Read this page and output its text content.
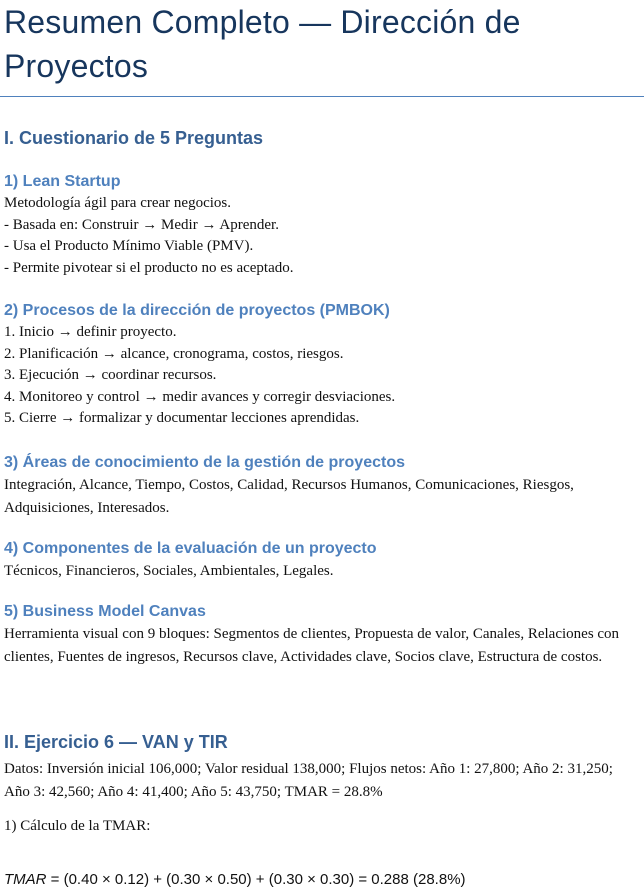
Resumen Completo — Dirección de Proyectos
I. Cuestionario de 5 Preguntas
1) Lean Startup

Metodología ágil para crear negocios.

- Basada en: Construir → Medir → Aprender.

- Usa el Producto Mínimo Viable (PMV).

- Permite pivotear si el producto no es aceptado.

2) Procesos de la dirección de proyectos (PMBOK)

1. Inicio → definir proyecto.

2. Planificación → alcance, cronograma, costos, riesgos.

3. Ejecución → coordinar recursos.

4. Monitoreo y control → medir avances y corregir desviaciones.

5. Cierre → formalizar y documentar lecciones aprendidas.

3) Áreas de conocimiento de la gestión de proyectos

Integración, Alcance, Tiempo, Costos, Calidad, Recursos Humanos, Comunicaciones, Riesgos, Adquisiciones, Interesados.

4) Componentes de la evaluación de un proyecto

Técnicos, Financieros, Sociales, Ambientales, Legales.

5) Business Model Canvas

Herramienta visual con 9 bloques: Segmentos de clientes, Propuesta de valor, Canales, Relaciones con clientes, Fuentes de ingresos, Recursos clave, Actividades clave, Socios clave, Estructura de costos.

II. Ejercicio 6 — VAN y TIR

Datos: Inversión inicial 106,000; Valor residual 138,000; Flujos netos: Año 1: 27,800; Año 2: 31,250; Año 3: 42,560; Año 4: 41,400; Año 5: 43,750; TMAR = 28.8%

1) Cálculo de la TMAR:

TMAR = (0.40 × 0.12) + (0.30 × 0.50) + (0.30 × 0.30) = 0.288 (28.8%)
